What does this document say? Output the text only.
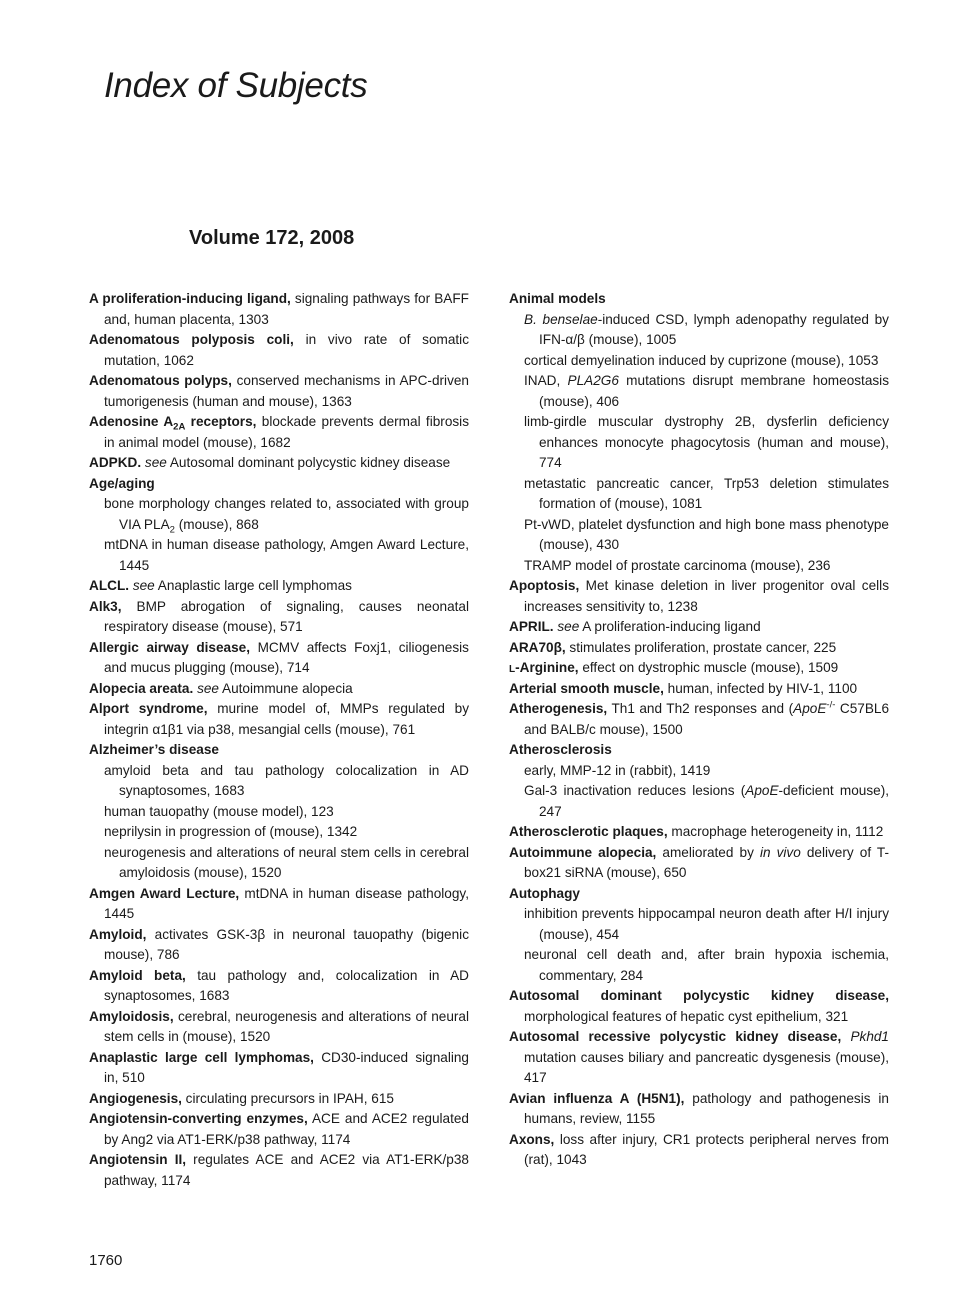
Index of Subjects
Volume 172, 2008

A proliferation-inducing ligand, signaling pathways for BAFF and, human placenta, 1303

Adenomatous polyposis coli, in vivo rate of somatic mutation, 1062

Adenomatous polyps, conserved mechanisms in APC-driven tumorigenesis (human and mouse), 1363

Adenosine $A_{2A}$ receptors, blockade prevents dermal fibrosis in animal model (mouse), 1682

ADPKD. see Autosomal dominant polycystic kidney disease

Age/aging

bone morphology changes related to, associated with group VIA $PLA_2$ (mouse), 868

mtDNA in human disease pathology, Amgen Award Lecture, 1445

ALCL. see Anaplastic large cell lymphomas

Alk3, BMP abrogation of signaling, causes neonatal respiratory disease (mouse), 571

Allergic airway disease, MCMV affects Foxj1, ciliogenesis and mucus plugging (mouse), 714

Alopecia areata. see Autoimmune alopecia

Alport syndrome, murine model of, MMPs regulated by integrin α1β1 via p38, mesangial cells (mouse), 761

Alzheimer’s disease

amyloid beta and tau pathology colocalization in AD synaptosomes, 1683

human tauopathy (mouse model), 123

neprilysin in progression of (mouse), 1342

neurogenesis and alterations of neural stem cells in cerebral amyloidosis (mouse), 1520

Amgen Award Lecture, mtDNA in human disease pathology, 1445

Amyloid, activates GSK-3β in neuronal tauopathy (bigenic mouse), 786

Amyloid beta, tau pathology and, colocalization in AD synaptosomes, 1683

Amyloidosis, cerebral, neurogenesis and alterations of neural stem cells in (mouse), 1520

Anaplastic large cell lymphomas, CD30-induced signaling in, 510

Angiogenesis, circulating precursors in IPAH, 615

Angiotensin-converting enzymes, ACE and ACE2 regulated by Ang2 via AT1-ERK/p38 pathway, 1174

Angiotensin II, regulates ACE and ACE2 via AT1-ERK/p38 pathway, 1174

Animal models

B. benselae-induced CSD, lymph adenopathy regulated by IFN-α/β (mouse), 1005

cortical demyelination induced by cuprizone (mouse), 1053

INAD, PLA2G6 mutations disrupt membrane homeostasis (mouse), 406

limb-girdle muscular dystrophy 2B, dysferlin deficiency enhances monocyte phagocytosis (human and mouse), 774

metastatic pancreatic cancer, Trp53 deletion stimulates formation of (mouse), 1081

Pt-vWD, platelet dysfunction and high bone mass phenotype (mouse), 430

TRAMP model of prostate carcinoma (mouse), 236

Apoptosis, Met kinase deletion in liver progenitor oval cells increases sensitivity to, 1238

APRIL. see A proliferation-inducing ligand

ARA70β, stimulates proliferation, prostate cancer, 225

l-Arginine, effect on dystrophic muscle (mouse), 1509

Arterial smooth muscle, human, infected by HIV-1, 1100

Atherogenesis, Th1 and Th2 responses and (ApoE-/- C57BL6 and BALB/c mouse), 1500

Atherosclerosis

early, MMP-12 in (rabbit), 1419

Gal-3 inactivation reduces lesions (ApoE-deficient mouse), 247

Atherosclerotic plaques, macrophage heterogeneity in, 1112

Autoimmune alopecia, ameliorated by in vivo delivery of T-box21 siRNA (mouse), 650

Autophagy

inhibition prevents hippocampal neuron death after H/I injury (mouse), 454

neuronal cell death and, after brain hypoxia ischemia, commentary, 284

Autosomal dominant polycystic kidney disease, morphological features of hepatic cyst epithelium, 321

Autosomal recessive polycystic kidney disease, Pkhd1 mutation causes biliary and pancreatic dysgenesis (mouse), 417

Avian influenza A (H5N1), pathology and pathogenesis in humans, review, 1155

Axons, loss after injury, CR1 protects peripheral nerves from (rat), 1043

1760
